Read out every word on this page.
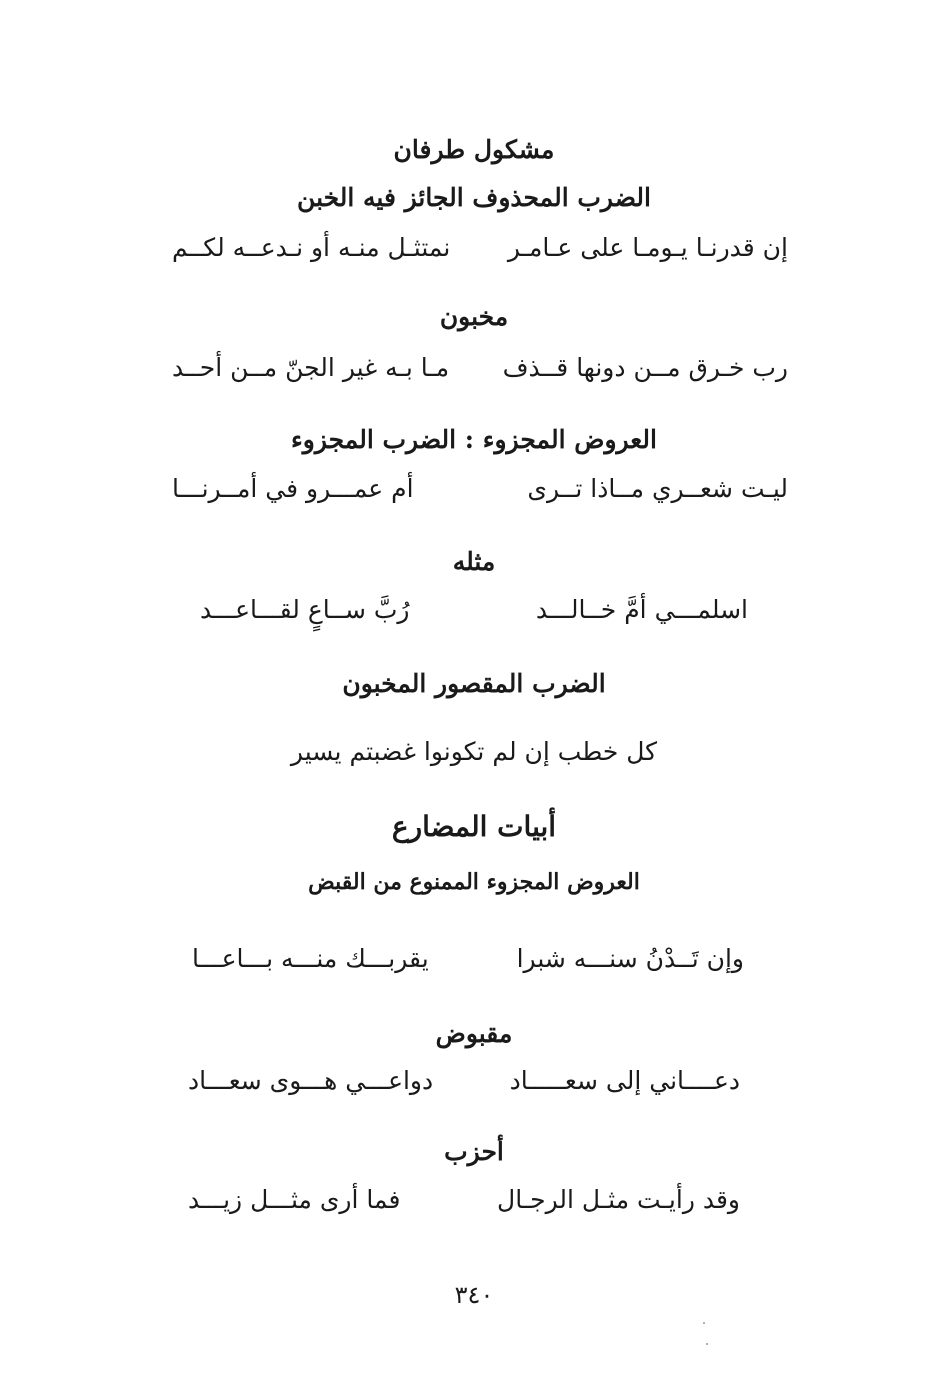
مشكول طرفان
الضرب المحذوف الجائز فيه الخبن
إن قدرنـا يـومـا على عـامـر
نمتثـل منـه أو نـدعــه لكــم
مخبون
رب خـرق مــن دونها قــذف
مـا بـه غير الجنّ مــن أحــد
العروض المجزوء : الضرب المجزوء
ليـت شعــري مــاذا تــرى
أم عمـــرو في أمــرنـــا
مثله
اسلمـــي أمَّ خــالـــد
رُبَّ ســاعٍ لقـــاعـــد
الضرب المقصور المخبون
كل خطب إن لم تكونوا غضبتم يسير
أبيات المضارع
العروض المجزوء الممنوع من القبض
وإن تَــدْنُ سنـــه شبرا
يقربـــك منـــه بـــاعـــا
مقبوض
دعــــاني إلى سعـــــاد
دواعـــي هـــوى سعـــاد
أحزب
وقد رأيـت مثـل الرجـال
فما أرى مثـــل زيـــد
٣٤٠
